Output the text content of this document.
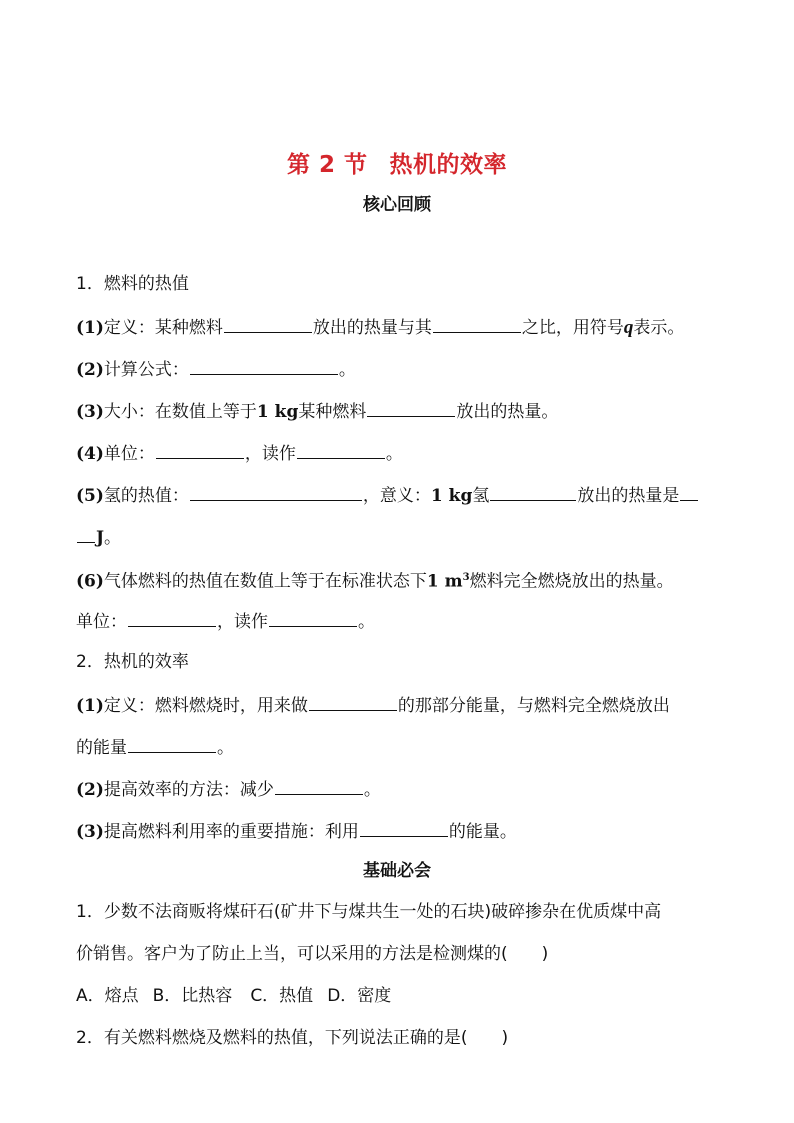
第 2 节 热机的效率
核心回顾
1．燃料的热值
(1)定义：某种燃料	放出的热量与其	之比，用符号q表示。
(2)计算公式：	。
(3)大小：在数值上等于1 kg某种燃料	放出的热量。
(4)单位：	，读作	。
(5)氢的热值：	，意义：1 kg氢	放出的热量是
J。
(6)气体燃料的热值在数值上等于在标准状态下1 $m^3$燃料完全燃烧放出的热量。
单位：	，读作	。
2．热机的效率
(1)定义：燃料燃烧时，用来做	的那部分能量，与燃料完全燃烧放出
的能量	。
(2)提高效率的方法：减少	。
(3)提高燃料利用率的重要措施：利用	的能量。
基础必会
1．少数不法商贩将煤矸石(矿井下与煤共生一处的石块)破碎掺杂在优质煤中高
价销售。客户为了防止上当，可以采用的方法是检测煤的(　　)
A．熔点 B．比热容 C．热值 D．密度
2．有关燃料燃烧及燃料的热值，下列说法正确的是(　　)
